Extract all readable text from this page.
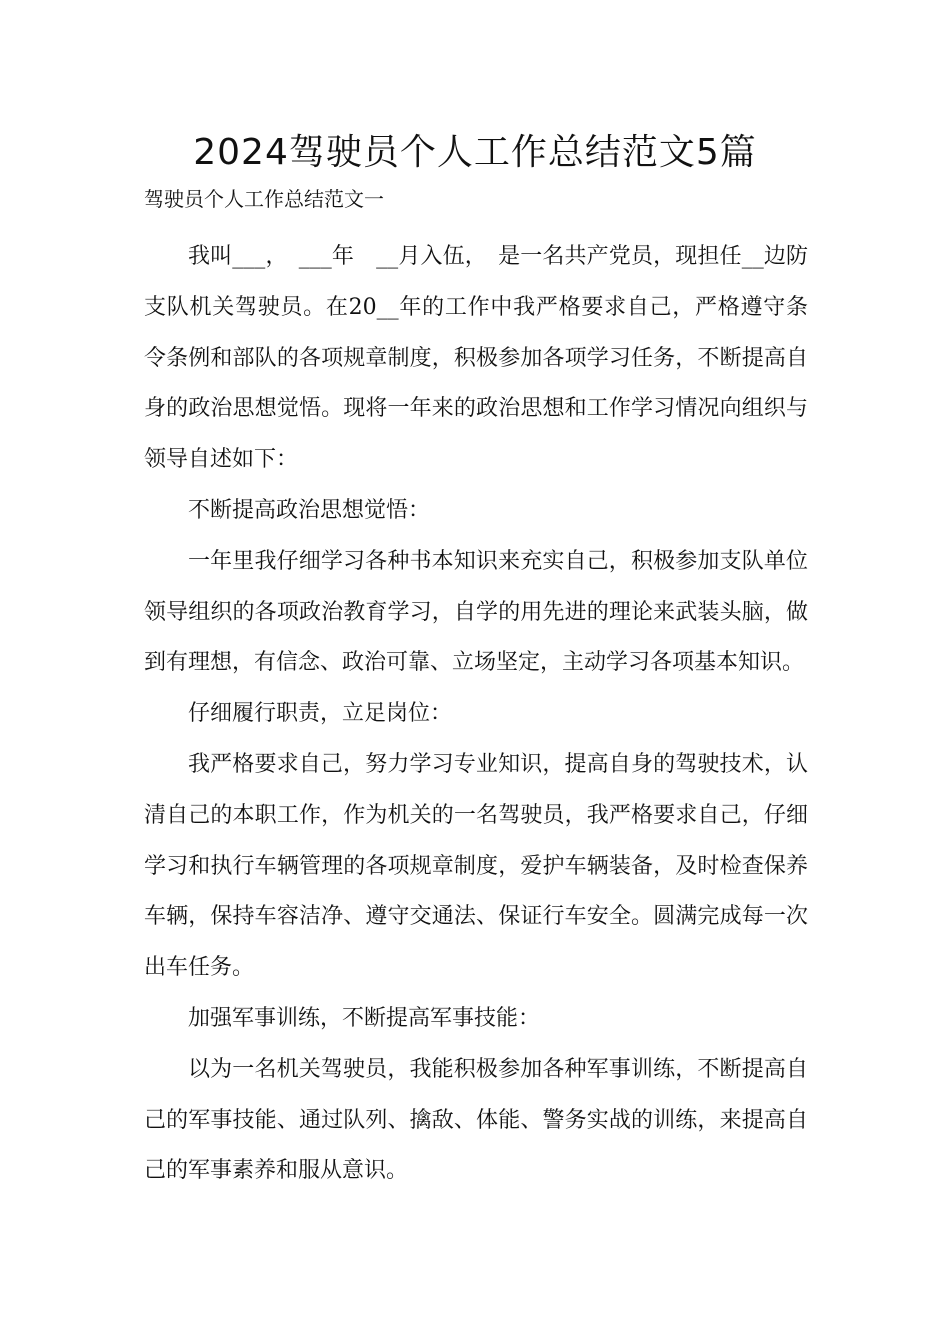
2024驾驶员个人工作总结范文5篇
驾驶员个人工作总结范文一

我叫___，　___年　__月入伍，　是一名共产党员，现担任__边防支队机关驾驶员。在20__年的工作中我严格要求自己，严格遵守条令条例和部队的各项规章制度，积极参加各项学习任务，不断提高自身的政治思想觉悟。现将一年来的政治思想和工作学习情况向组织与领导自述如下：

不断提高政治思想觉悟：

一年里我仔细学习各种书本知识来充实自己，积极参加支队单位领导组织的各项政治教育学习，自学的用先进的理论来武装头脑，做到有理想，有信念、政治可靠、立场坚定，主动学习各项基本知识。

仔细履行职责，立足岗位：

我严格要求自己，努力学习专业知识，提高自身的驾驶技术，认清自己的本职工作，作为机关的一名驾驶员，我严格要求自己，仔细学习和执行车辆管理的各项规章制度，爱护车辆装备，及时检查保养车辆，保持车容洁净、遵守交通法、保证行车安全。圆满完成每一次出车任务。

加强军事训练，不断提高军事技能：

以为一名机关驾驶员，我能积极参加各种军事训练，不断提高自己的军事技能、通过队列、擒敌、体能、警务实战的训练，来提高自己的军事素养和服从意识。
